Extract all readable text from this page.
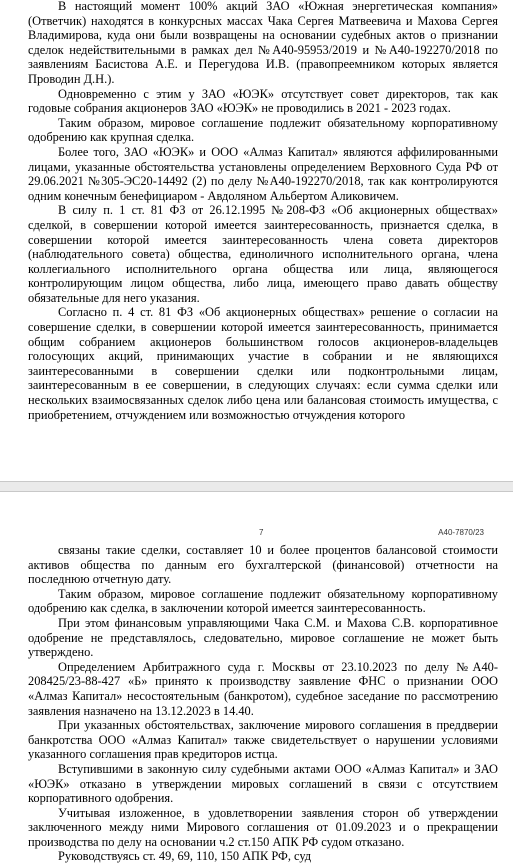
В настоящий момент 100% акций ЗАО «Южная энергетическая компания» (Ответчик) находятся в конкурсных массах Чака Сергея Матвеевича и Махова Сергея Владимирова, куда они были возвращены на основании судебных актов о признании сделок недействительными в рамках дел №А40-95953/2019 и №А40-192270/2018 по заявлениям Басистова А.Е. и Перегудова И.В. (правопреемником которых является Проводин Д.Н.).

Одновременно с этим у ЗАО «ЮЭК» отсутствует совет директоров, так как годовые собрания акционеров ЗАО «ЮЭК» не проводились в 2021 - 2023 годах.

Таким образом, мировое соглашение подлежит обязательному корпоративному одобрению как крупная сделка.

Более того, ЗАО «ЮЭК» и ООО «Алмаз Капитал» являются аффилированными лицами, указанные обстоятельства установлены определением Верховного Суда РФ от 29.06.2021 №305-ЭС20-14492 (2) по делу №А40-192270/2018, так как контролируются одним конечным бенефициаром - Авдоляном Альбертом Аликовичем.

В силу п. 1 ст. 81 ФЗ от 26.12.1995 №208-ФЗ «Об акционерных обществах» сделкой, в совершении которой имеется заинтересованность, признается сделка, в совершении которой имеется заинтересованность члена совета директоров (наблюдательного совета) общества, единоличного исполнительного органа, члена коллегиального исполнительного органа общества или лица, являющегося контролирующим лицом общества, либо лица, имеющего право давать обществу обязательные для него указания.

Согласно п. 4 ст. 81 ФЗ «Об акционерных обществах» решение о согласии на совершение сделки, в совершении которой имеется заинтересованность, принимается общим собранием акционеров большинством голосов акционеров-владельцев голосующих акций, принимающих участие в собрании и не являющихся заинтересованными в совершении сделки или подконтрольными лицам, заинтересованным в ее совершении, в следующих случаях: если сумма сделки или нескольких взаимосвязанных сделок либо цена или балансовая стоимость имущества, с приобретением, отчуждением или возможностью отчуждения которого

7	А40-7870/23

связаны такие сделки, составляет 10 и более процентов балансовой стоимости активов общества по данным его бухгалтерской (финансовой) отчетности на последнюю отчетную дату.

Таким образом, мировое соглашение подлежит обязательному корпоративному одобрению как сделка, в заключении которой имеется заинтересованность.

При этом финансовым управляющими Чака С.М. и Махова С.В. корпоративное одобрение не представлялось, следовательно, мировое соглашение не может быть утверждено.

Определением Арбитражного суда г. Москвы от 23.10.2023 по делу №А40-208425/23-88-427 «Б» принято к производству заявление ФНС о признании ООО «Алмаз Капитал» несостоятельным (банкротом), судебное заседание по рассмотрению заявления назначено на 13.12.2023 в 14.40.

При указанных обстоятельствах, заключение мирового соглашения в преддверии банкротства ООО «Алмаз Капитал» также свидетельствует о нарушении условиями указанного соглашения прав кредиторов истца.

Вступившими в законную силу судебными актами ООО «Алмаз Капитал» и ЗАО «ЮЭК» отказано в утверждении мировых соглашений в связи с отсутствием корпоративного одобрения.

Учитывая изложенное, в удовлетворении заявления сторон об утверждении заключенного между ними Мирового соглашения от 01.09.2023 и о прекращении производства по делу на основании ч.2 ст.150 АПК РФ судом отказано.

Руководствуясь ст. 49, 69, 110, 150 АПК РФ, суд
